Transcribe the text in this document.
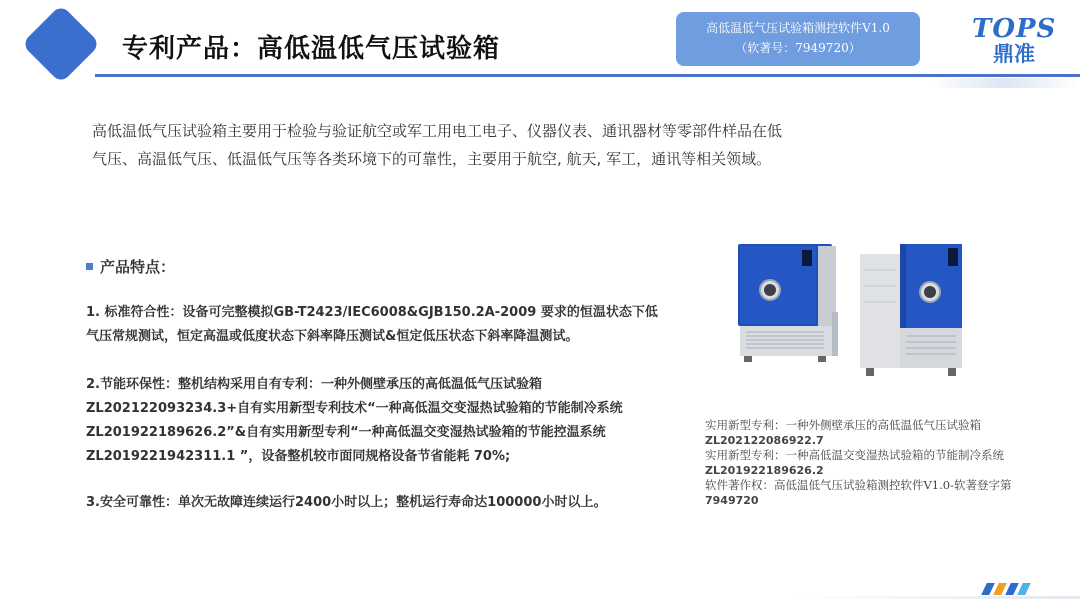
专利产品：高低温低气压试验箱
高低温低气压试验箱测控软件V1.0
（软著号：7949720）
TOPS
鼎准

高低温低气压试验箱主要用于检验与验证航空或军工用电工电子、仪器仪表、通讯器材等零部件样品在低气压、高温低气压、低温低气压等各类环境下的可靠性，主要用于航空, 航天, 军工，通讯等相关领域。

产品特点：

1. 标准符合性：设备可完整模拟GB-T2423/IEC6008&GJB150.2A-2009 要求的恒温状态下低气压常规测试，恒定高温或低度状态下斜率降压测试&恒定低压状态下斜率降温测试。

2.节能环保性：整机结构采用自有专利：一种外侧壁承压的高低温低气压试验箱ZL202122093234.3+自有实用新型专利技术“一种高低温交变湿热试验箱的节能制冷系统ZL201922189626.2”&自有实用新型专利“一种高低温交变湿热试验箱的节能控温系统ZL2019221942311.1 ”，设备整机较市面同规格设备节省能耗 70%;

3.安全可靠性：单次无故障连续运行2400小时以上；整机运行寿命达100000小时以上。

实用新型专利：一种外侧壁承压的高低温低气压试验箱
ZL202122086922.7
实用新型专利：一种高低温交变湿热试验箱的节能制冷系统
ZL201922189626.2
软件著作权：高低温低气压试验箱测控软件V1.0-软著登字第
7949720
